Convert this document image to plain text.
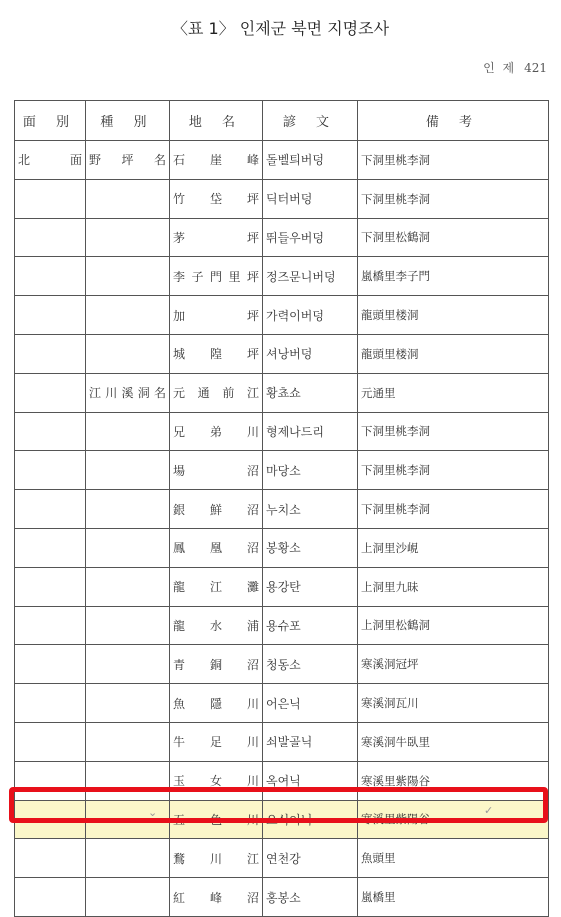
〈표 1〉 인제군 북면 지명조사
인 제 421
面 別	種 別	地 名	諺 文	備 考
北 面	野坪名	石崖峰	돌벨틔버덩	下洞里桃李洞
		竹垈坪	딕터버덩	下洞里桃李洞
		茅 坪	뛰들우버덩	下洞里松鶴洞
		李子門里坪	정즈문니버덩	嵐橋里李子門
		加 坪	가력이버덩	龍頭里楼洞
		城隍坪	셔낭버덩	龍頭里楼洞
	江川溪洞名	元通前江	황쵸쇼	元通里
		兄弟川	형제나드리	下洞里桃李洞
		場 沼	마당소	下洞里桃李洞
		銀鮮沼	누치소	下洞里桃李洞
		鳳凰沼	봉황소	上洞里沙峴
		龍江灘	용강탄	上洞里九昧
		龍水浦	용슈포	上洞里松鶴洞
		青銅沼	청동소	寒溪洞冠坪
		魚隱川	어은닉	寒溪洞瓦川
		牛足川	쇠발골닉	寒溪洞牛臥里
		玉女川	옥여닉	寒溪里紫陽谷
		五色川	오식이닉	寒溪里紫陽谷
		鶩川江	연천강	魚頭里
		紅峰沼	홍봉소	嵐橋里
⌄	✓
